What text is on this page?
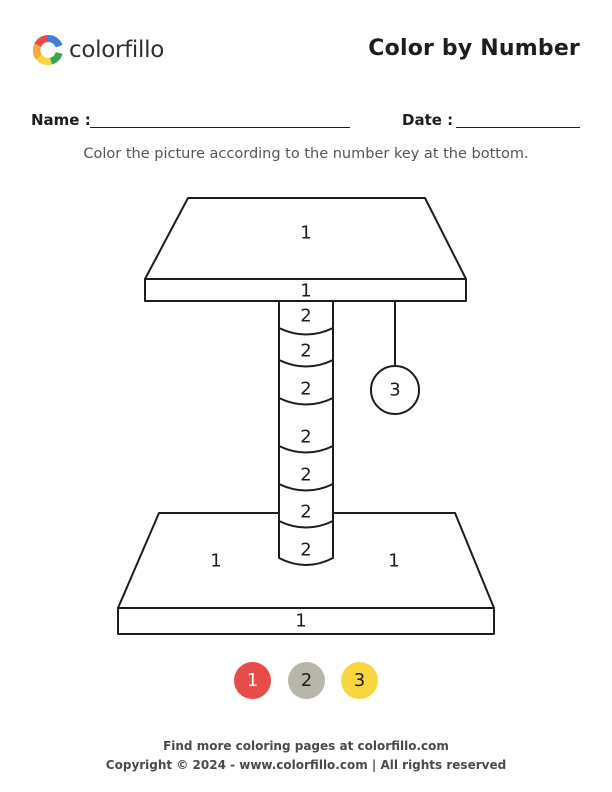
colorfillo	Color by Number
Name :	Date :
Color the picture according to the number key at the bottom.
1
1
2
2
2
2
2
2
2
3
1	1
1
1 2 3
Find more coloring pages at colorfillo.com
Copyright © 2024 - www.colorfillo.com | All rights reserved
